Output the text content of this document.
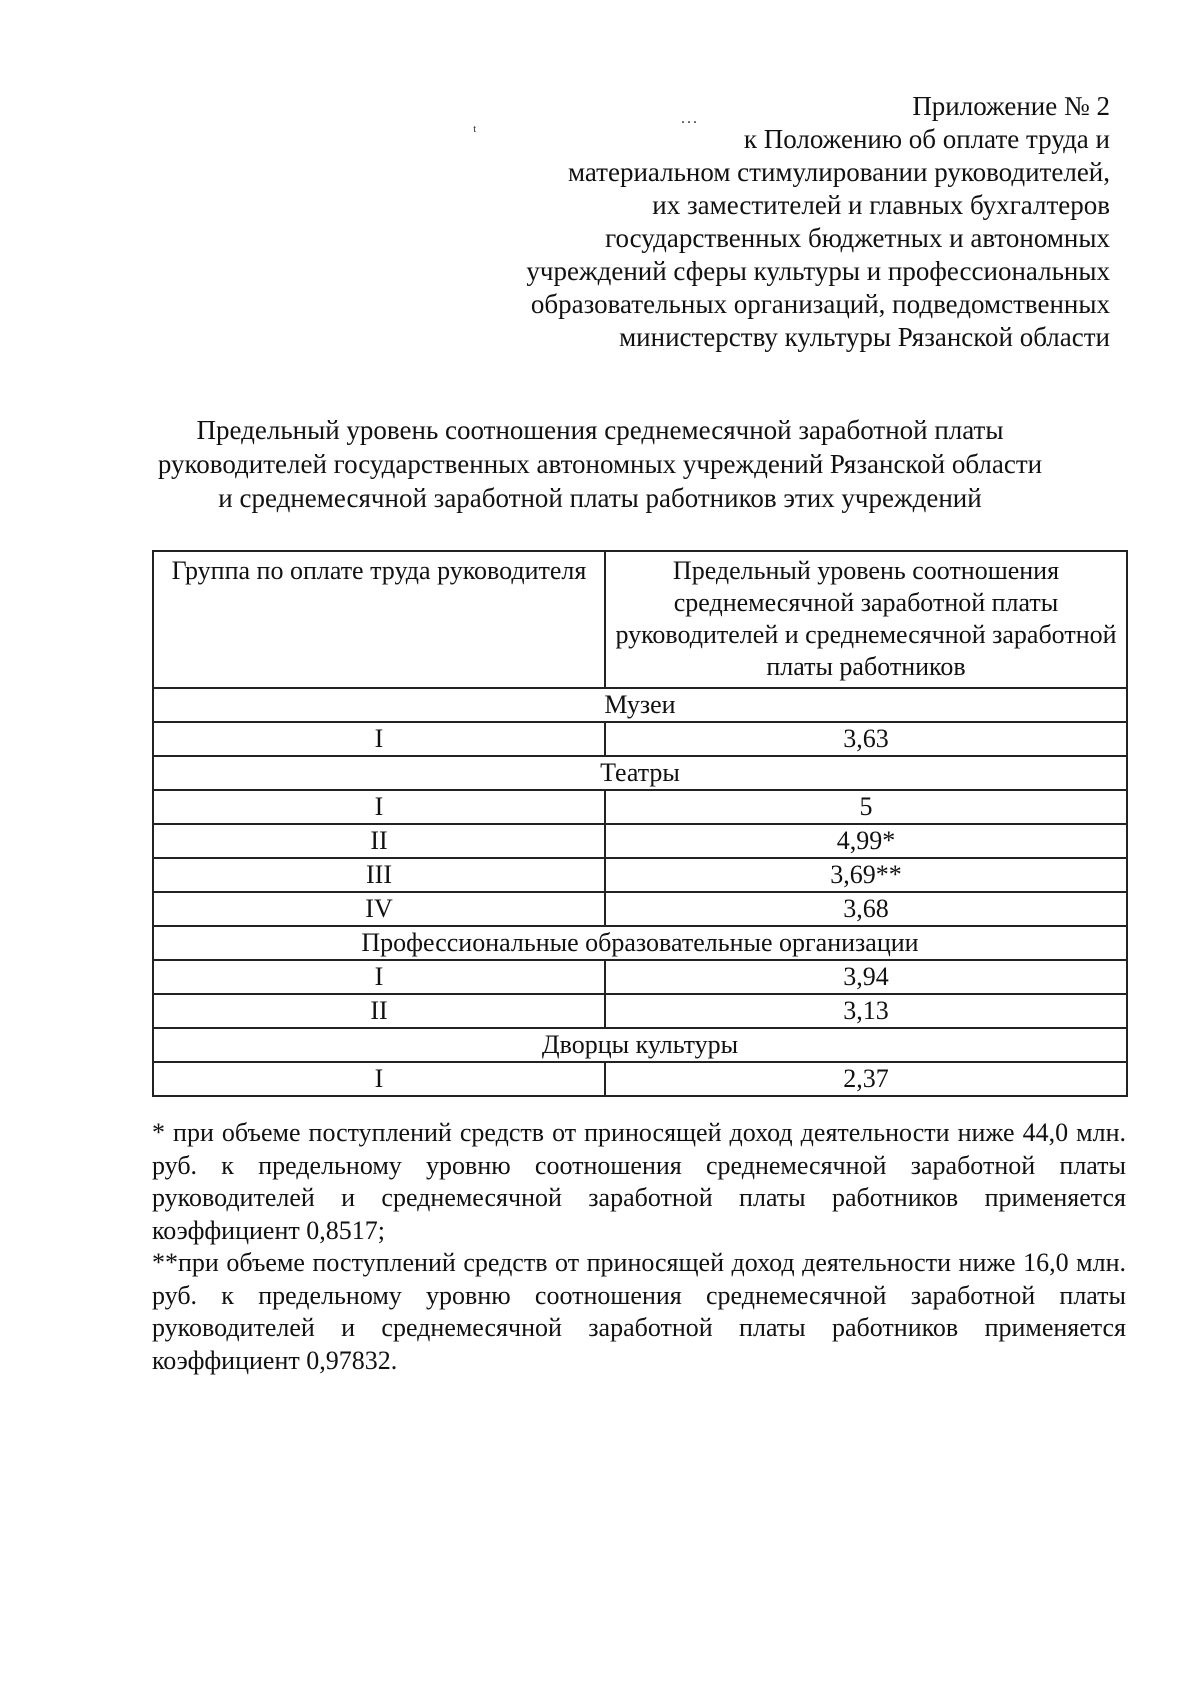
ᵗ	˙˙˙
Приложение № 2
к Положению об оплате труда и
материальном стимулировании руководителей,
их заместителей и главных бухгалтеров
государственных бюджетных и автономных
учреждений сферы культуры и профессиональных
образовательных организаций, подведомственных
министерству культуры Рязанской области
Предельный уровень соотношения среднемесячной заработной платы
руководителей государственных автономных учреждений Рязанской области
и среднемесячной заработной платы работников этих учреждений
Группа по оплате труда руководителя	Предельный уровень соотношения среднемесячной заработной платы руководителей и среднемесячной заработной платы работников
Музеи	
I	3,63
Театры	
I	5
II	4,99*
III	3,69**
IV	3,68
Профессиональные образовательные организации	
I	3,94
II	3,13
Дворцы культуры	
I	2,37

* при объеме поступлений средств от приносящей доход деятельности ниже 44,0 млн. руб. к предельному уровню соотношения среднемесячной заработной платы руководителей и среднемесячной заработной платы работников применяется коэффициент 0,8517;

**при объеме поступлений средств от приносящей доход деятельности ниже 16,0 млн. руб. к предельному уровню соотношения среднемесячной заработной платы руководителей и среднемесячной заработной платы работников применяется коэффициент 0,97832.
